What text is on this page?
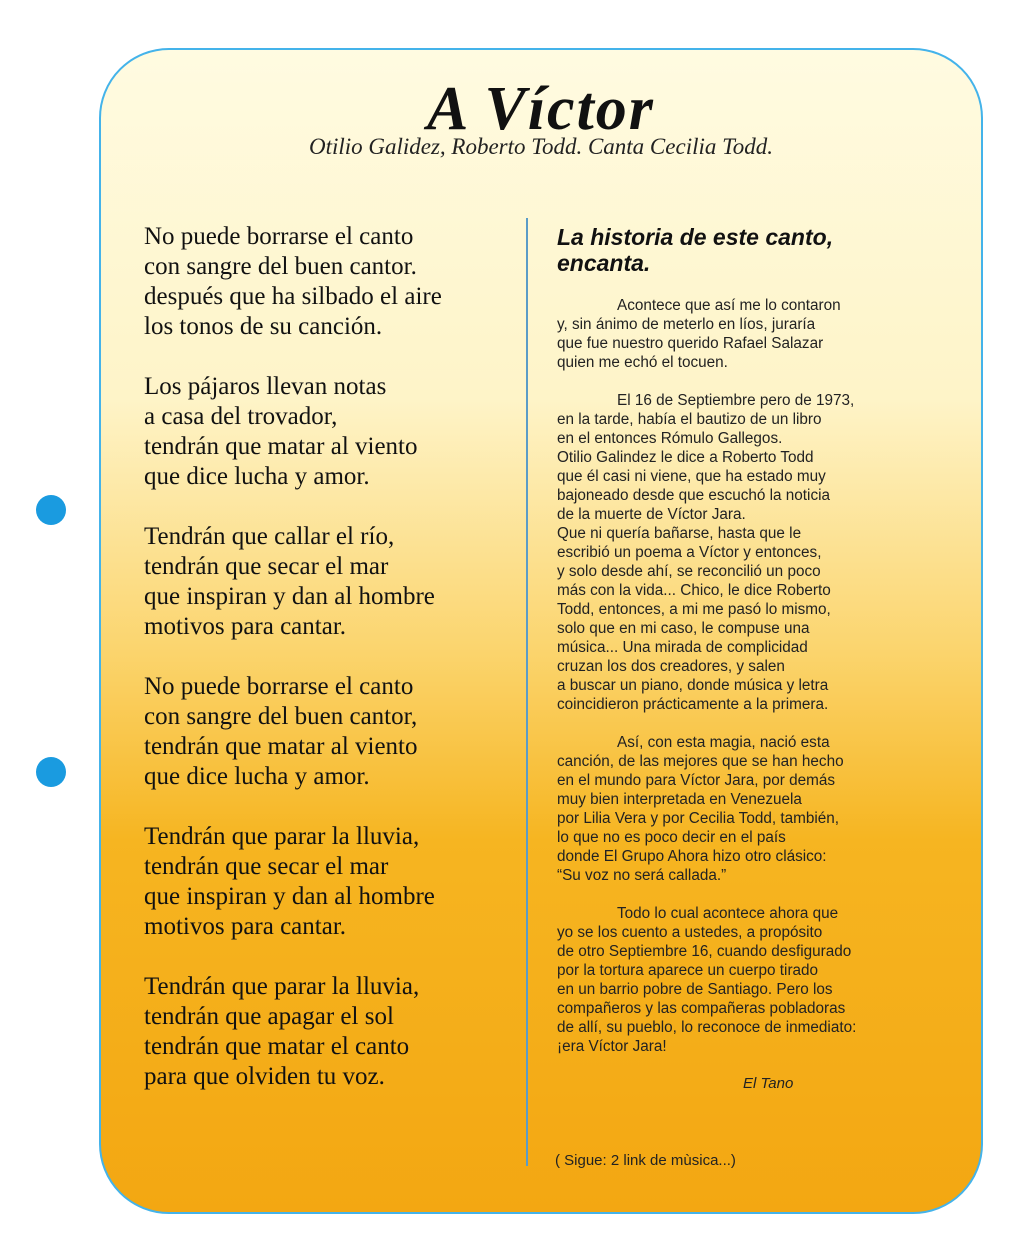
A Víctor

Otilio Galidez, Roberto Todd. Canta Cecilia Todd.

No puede borrarse el canto
con sangre del buen cantor.
después que ha silbado el aire
los tonos de su canción.

Los pájaros llevan notas
a casa del trovador,
tendrán que matar al viento
que dice lucha y amor.

Tendrán que callar el río,
tendrán que secar el mar
que inspiran y dan al hombre
motivos para cantar.

No puede borrarse el canto
con sangre del buen cantor,
tendrán que matar al viento
que dice lucha y amor.

Tendrán que parar la lluvia,
tendrán que secar el mar
que inspiran y dan al hombre
motivos para cantar.

Tendrán que parar la lluvia,
tendrán que apagar el sol
tendrán que matar el canto
para que olviden tu voz.

La historia de este canto,
encanta.

Acontece que así me lo contaron
y, sin ánimo de meterlo en líos, juraría
que fue nuestro querido Rafael Salazar
quien me echó el tocuen.

El 16 de Septiembre pero de 1973,
en la tarde, había el bautizo de un libro
en el entonces Rómulo Gallegos.
Otilio Galindez le dice a Roberto Todd
que él casi ni viene, que ha estado muy
bajoneado desde que escuchó la noticia
de la muerte de Víctor Jara.
Que ni quería bañarse, hasta que le
escribió un poema a Víctor y entonces,
y solo desde ahí, se reconcilió un poco
más con la vida... Chico, le dice Roberto
Todd, entonces, a mi me pasó lo mismo,
solo que en mi caso, le compuse una
música... Una mirada de complicidad
cruzan los dos creadores, y salen
a buscar un piano, donde música y letra
coincidieron prácticamente a la primera.

Así, con esta magia, nació esta
canción, de las mejores que se han hecho
en el mundo para Víctor Jara, por demás
muy bien interpretada en Venezuela
por Lilia Vera y por Cecilia Todd, también,
lo que no es poco decir en el país
donde El Grupo Ahora hizo otro clásico:
“Su voz no será callada.”

Todo lo cual acontece ahora que
yo se los cuento a ustedes, a propósito
de otro Septiembre 16, cuando desfigurado
por la tortura aparece un cuerpo tirado
en un barrio pobre de Santiago. Pero los
compañeros y las compañeras pobladoras
de allí, su pueblo, lo reconoce de inmediato:
¡era Víctor Jara!

El Tano

( Sigue: 2 link de mùsica...)
